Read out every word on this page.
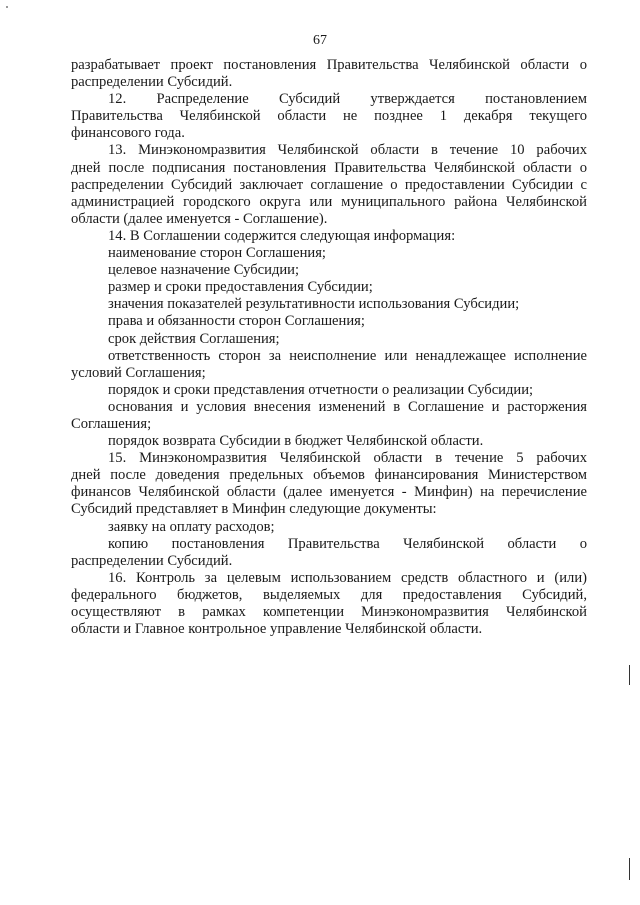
67

разрабатывает проект постановления Правительства Челябинской области о

распределении Субсидий.

12. Распределение Субсидий утверждается постановлением

Правительства Челябинской области не позднее 1 декабря текущего

финансового года.

13. Минэкономразвития Челябинской области в течение 10 рабочих

дней после подписания постановления Правительства Челябинской области о

распределении Субсидий заключает соглашение о предоставлении Субсидии с

администрацией городского округа или муниципального района Челябинской

области (далее именуется - Соглашение).

14. В Соглашении содержится следующая информация:

наименование сторон Соглашения;

целевое назначение Субсидии;

размер и сроки предоставления Субсидии;

значения показателей результативности использования Субсидии;

права и обязанности сторон Соглашения;

срок действия Соглашения;

ответственность сторон за неисполнение или ненадлежащее исполнение

условий Соглашения;

порядок и сроки представления отчетности о реализации Субсидии;

основания и условия внесения изменений в Соглашение и расторжения

Соглашения;

порядок возврата Субсидии в бюджет Челябинской области.

15. Минэкономразвития Челябинской области в течение 5 рабочих

дней после доведения предельных объемов финансирования Министерством

финансов Челябинской области (далее именуется - Минфин) на перечисление

Субсидий представляет в Минфин следующие документы:

заявку на оплату расходов;

копию постановления Правительства Челябинской области о

распределении Субсидий.

16. Контроль за целевым использованием средств областного и (или)

федерального бюджетов, выделяемых для предоставления Субсидий,

осуществляют в рамках компетенции Минэкономразвития Челябинской

области и Главное контрольное управление Челябинской области.
